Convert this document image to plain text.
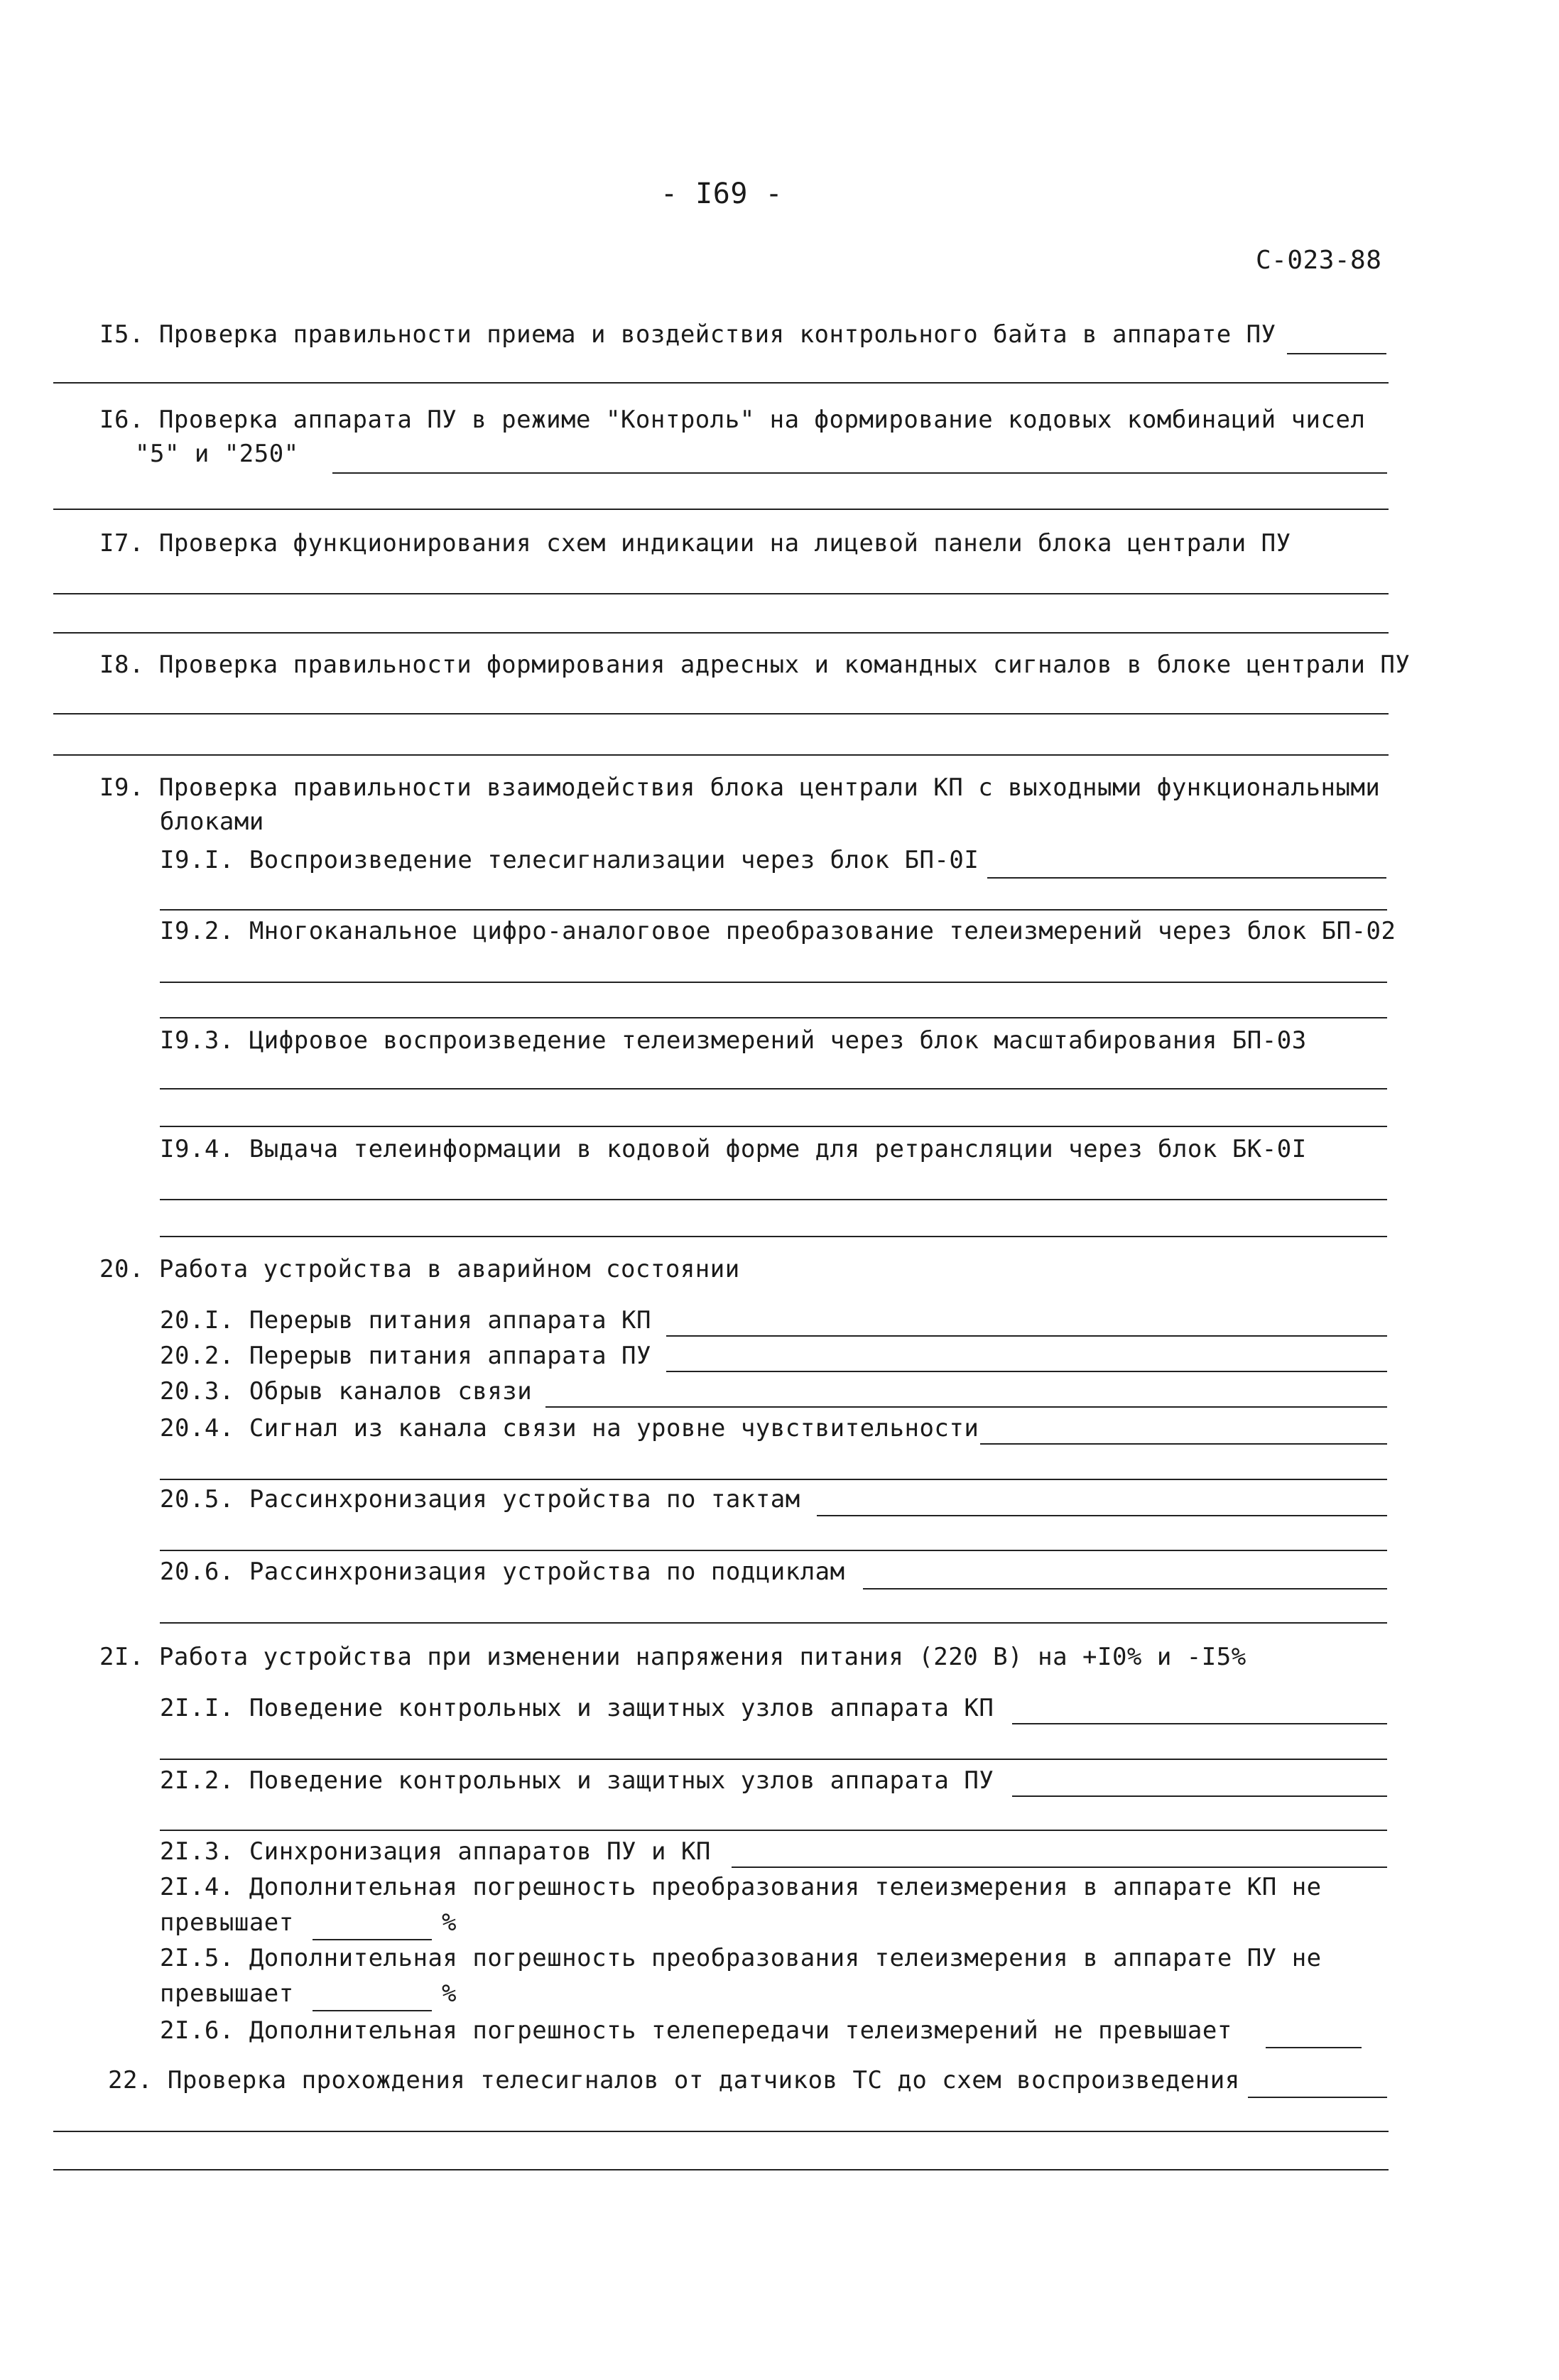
- I69 -
С-023-88
I5. Проверка правильности приема и воздействия контрольного байта в аппарате ПУ
I6. Проверка аппарата ПУ в режиме "Контроль" на формирование кодовых комбинаций чисел
"5" и "250"
I7. Проверка функционирования схем индикации на лицевой панели блока централи ПУ
I8. Проверка правильности формирования адресных и командных сигналов в блоке централи ПУ
I9. Проверка правильности взаимодействия блока централи КП с выходными функциональными
блоками
I9.I. Воспроизведение телесигнализации через блок БП-0I
I9.2. Многоканальное цифро-аналоговое преобразование телеизмерений через блок БП-02
I9.3. Цифровое воспроизведение телеизмерений через блок масштабирования БП-03
I9.4. Выдача телеинформации в кодовой форме для ретрансляции через блок БК-0I
20. Работа устройства в аварийном состоянии
20.I. Перерыв питания аппарата КП
20.2. Перерыв питания аппарата ПУ
20.3. Обрыв каналов связи
20.4. Сигнал из канала связи на уровне чувствительности
20.5. Рассинхронизация устройства по тактам
20.6. Рассинхронизация устройства по подциклам
2I. Работа устройства при изменении напряжения питания (220 В) на +I0% и -I5%
2I.I. Поведение контрольных и защитных узлов аппарата КП
2I.2. Поведение контрольных и защитных узлов аппарата ПУ
2I.3. Синхронизация аппаратов ПУ и КП
2I.4. Дополнительная погрешность преобразования телеизмерения в аппарате КП не
превышает	%
2I.5. Дополнительная погрешность преобразования телеизмерения в аппарате ПУ не
превышает	%
2I.6. Дополнительная погрешность телепередачи телеизмерений не превышает
22. Проверка прохождения телесигналов от датчиков ТС до схем воспроизведения
